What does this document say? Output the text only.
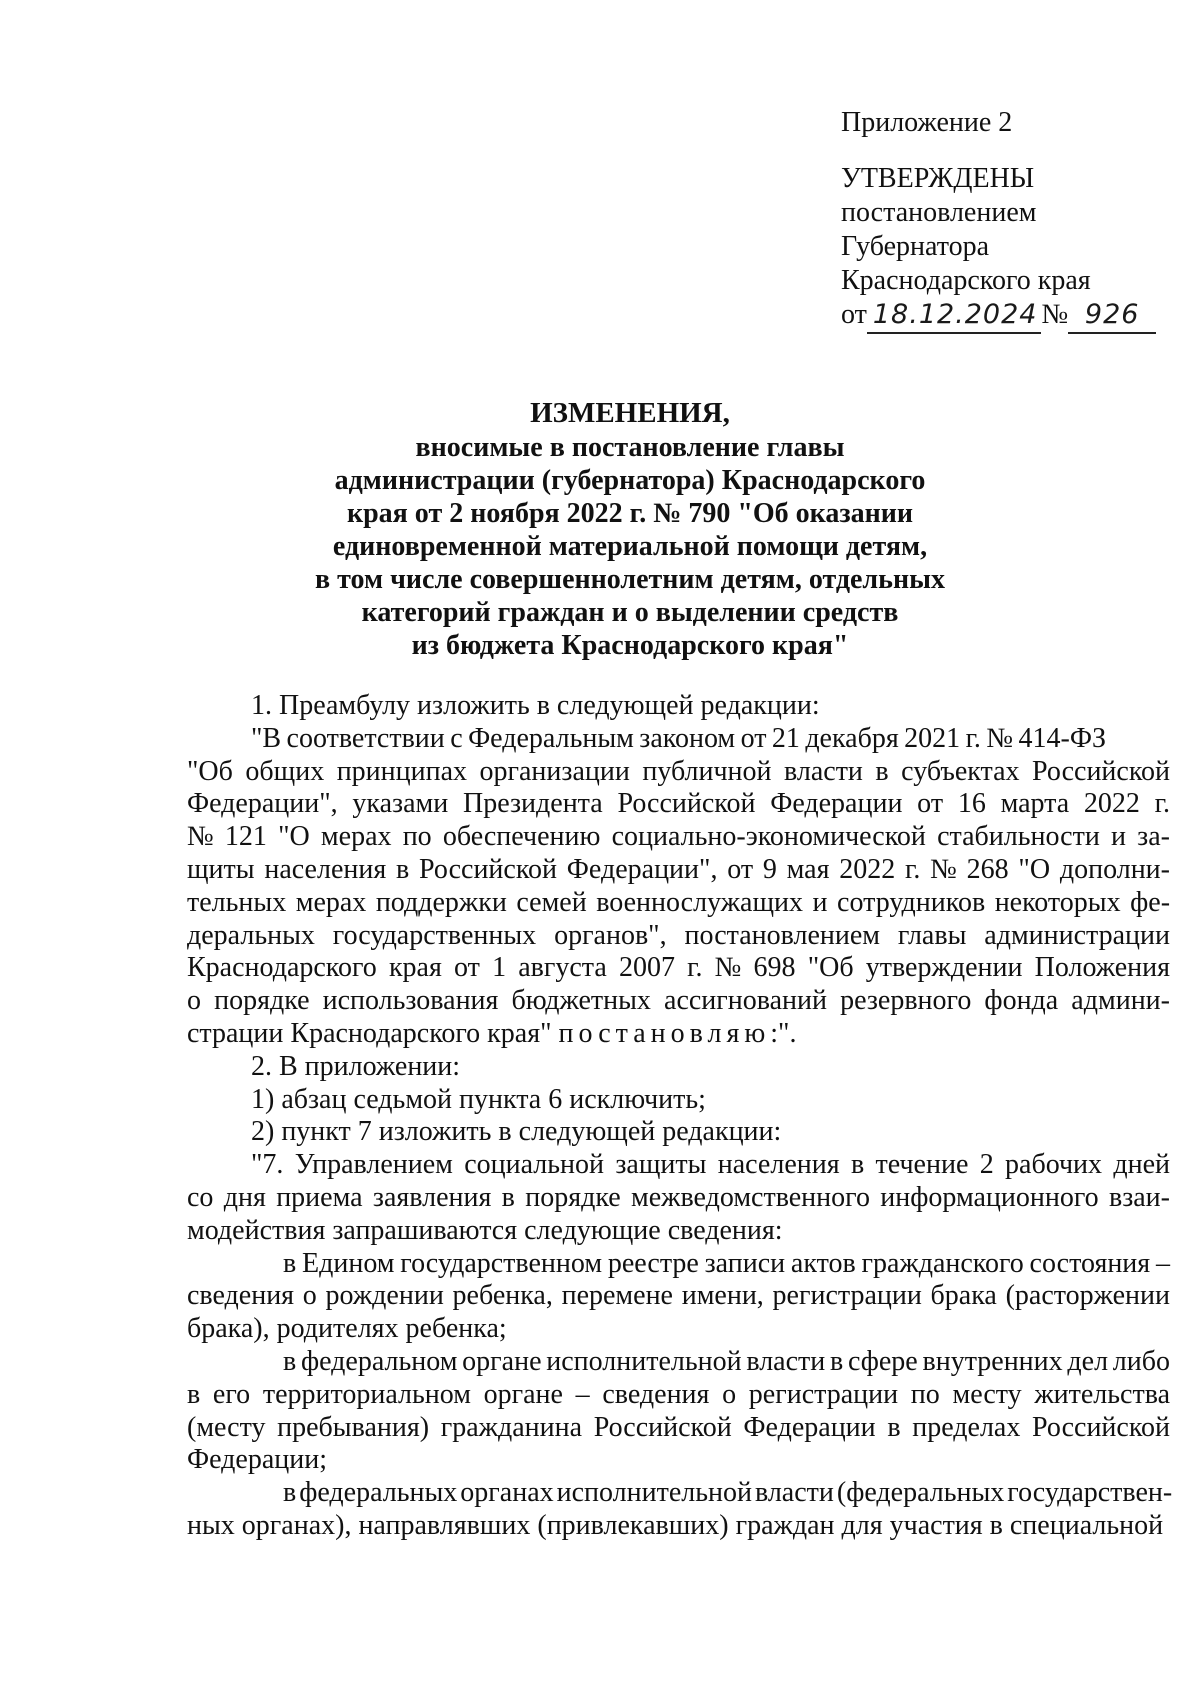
Приложение 2
УТВЕРЖДЕНЫ
постановлением
Губернатора
Краснодарского края
от 18.12.2024 № 926
ИЗМЕНЕНИЯ,
вносимые в постановление главы
администрации (губернатора) Краснодарского
края от 2 ноября 2022 г. № 790 "Об оказании
единовременной материальной помощи детям,
в том числе совершеннолетним детям, отдельных
категорий граждан и о выделении средств
из бюджета Краснодарского края"

1. Преамбулу изложить в следующей редакции:

"В соответствии с Федеральным законом от 21 декабря 2021 г. № 414-ФЗ
"Об общих принципах организации публичной власти в субъектах Российской
Федерации", указами Президента Российской Федерации от 16 марта 2022 г.
№ 121 "О мерах по обеспечению социально-экономической стабильности и за-
щиты населения в Российской Федерации", от 9 мая 2022 г. № 268 "О дополни-
тельных мерах поддержки семей военнослужащих и сотрудников некоторых фе-
деральных государственных органов", постановлением главы администрации
Краснодарского края от 1 августа 2007 г. № 698 "Об утверждении Положения
о порядке использования бюджетных ассигнований резервного фонда админи-
страции Краснодарского края" постановляю:".

2. В приложении:

1) абзац седьмой пункта 6 исключить;

2) пункт 7 изложить в следующей редакции:

"7. Управлением социальной защиты населения в течение 2 рабочих дней
со дня приема заявления в порядке межведомственного информационного взаи-
модействия запрашиваются следующие сведения:
в Едином государственном реестре записи актов гражданского состояния –
сведения о рождении ребенка, перемене имени, регистрации брака (расторжении
брака), родителях ребенка;
в федеральном органе исполнительной власти в сфере внутренних дел либо
в его территориальном органе – сведения о регистрации по месту жительства
(месту пребывания) гражданина Российской Федерации в пределах Российской
Федерации;
в федеральных органах исполнительной власти (федеральных государствен-
ных органах), направлявших (привлекавших) граждан для участия в специальной
